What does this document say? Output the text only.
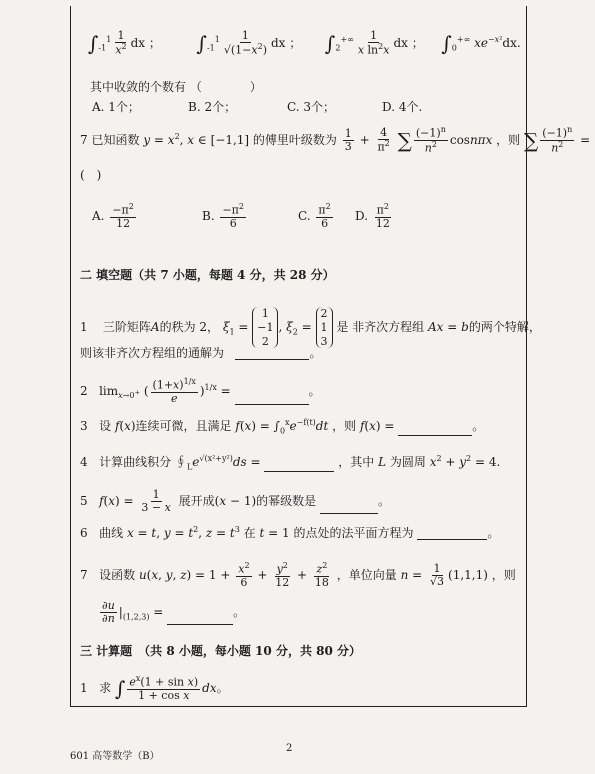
$\int_{-1}^1 \frac{1}{x^2}$ dx ； $\int_{-1}^1 \frac{1}{√(1-x^2)}$ dx ； $\int_2^{+\infty} \frac{1}{x \ln^2x}$ dx ； $\int_0^{+\infty}$ $xe^{-x^2}dx$.
其中收敛的个数有 （　　　　）
A. 1个；	B. 2个；	C. 3个；	D. 4个.
7 已知函数 $y = x^2$, x ∈ [−1,1] 的傅里叶级数为 $\frac{1}{3} + \frac{4}{\pi^2}$ ∑ $\frac{(-1)^n}{n^2}$ cosnπx ，则 ∑ $\frac{(-1)^n}{n^2}$ =
(　)
A. $\frac{-\pi^2}{12}$	B. $\frac{-\pi^2}{6}$	C. $\frac{\pi^2}{6} D$. $\frac{\pi^2}{12}$
二 填空题（共 7 小题，每题 4 分，共 28 分）
1 三阶矩阵A的秩为 2， $\xi_1$ =
1
−1
2
, $\xi_2$ =
2
1
3
是 非齐次方程组 Ax = b的两个特解，
则该非齐次方程组的通解为	。
2   $\lim_{x\to 0^+}$ ( $\frac{(1+x)^{1/x}}{e} )^{1/x}$ =	。
3 设 f(x)连续可微，且满足 $f(x) = \int_0^xe^{-f(t)}dt$ ，则 f(x) =	。
4 计算曲线积分 $∮_Le^{√(x^2+y^2)}ds$ =	，其中 L 为圆周 $x^2 + y^2 = 4$.
5 $f(x) = \frac{1}{3 - x}$ 展开成(x − 1)的幂级数是	。
6 曲线 x = t, $y = t^2$, $z = t^3$ 在 t = 1 的点处的法平面方程为	。
7 设函数 u(x, y, $z) = 1 + \frac{x^2}{6} + \frac{y^2}{12} + \frac{z^2}{18}$ ，单位向量 $n = \frac{1}{√3} (1,1,1)$ ，则
$\frac{\partial u}{\partial n} |_{(1,2,3)}$ =	。
三 计算题　（共 8 小题，每小题 10 分，共 80 分）
1 求 ∫ $\frac{e^x(1 + \sin x)}{\text{1 + cos x}}$ dx。
601 高等数学（B）
2
